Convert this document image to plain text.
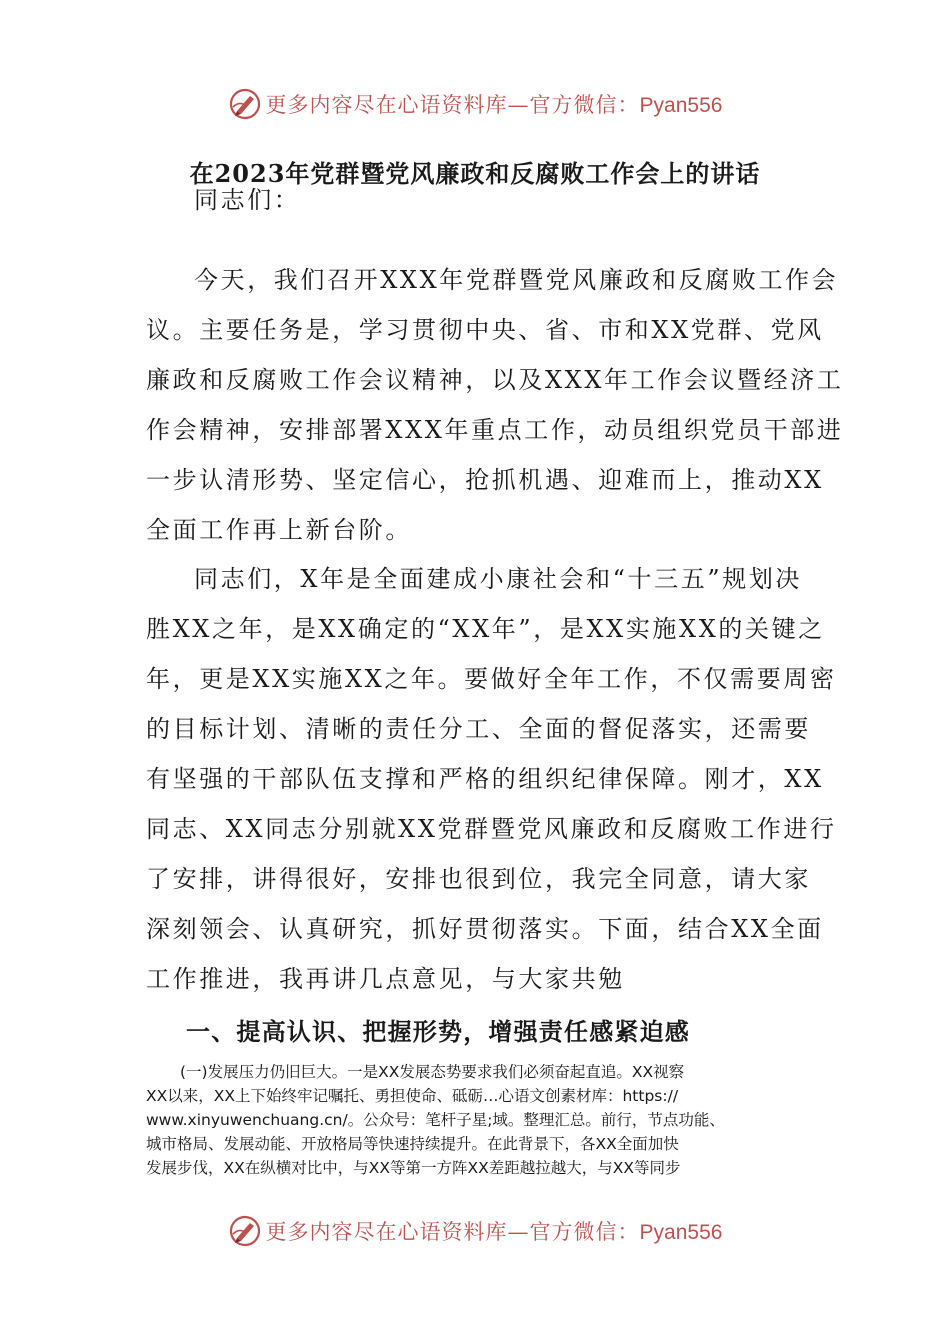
更多内容尽在心语资料库—官方微信：Pyan556
在2023年党群暨党风廉政和反腐败工作会上的讲话

同志们：

今天，我们召开XXX年党群暨党风廉政和反腐败工作会
议。主要任务是，学习贯彻中央、省、市和XX党群、党风
廉政和反腐败工作会议精神，以及XXX年工作会议暨经济工
作会精神，安排部署XXX年重点工作，动员组织党员干部进
一步认清形势、坚定信心，抢抓机遇、迎难而上，推动XX
全面工作再上新台阶。
同志们，X年是全面建成小康社会和“十三五”规划决
胜XX之年，是XX确定的“XX年”，是XX实施XX的关键之
年，更是XX实施XX之年。要做好全年工作，不仅需要周密
的目标计划、清晰的责任分工、全面的督促落实，还需要
有坚强的干部队伍支撑和严格的组织纪律保障。刚才，XX
同志、XX同志分别就XX党群暨党风廉政和反腐败工作进行
了安排，讲得很好，安排也很到位，我完全同意，请大家
深刻领会、认真研究，抓好贯彻落实。下面，结合XX全面
工作推进，我再讲几点意见，与大家共勉
一、提高认识、把握形势，增强责任感紧迫感
(一)发展压力仍旧巨大。一是XX发展态势要求我们必须奋起直追。XX视察
XX以来，XX上下始终牢记嘱托、勇担使命、砥砺…心语文创素材库：https://
www.xinyuwenchuang.cn/。公众号：笔杆子星;域。整理汇总。前行，节点功能、
城市格局、发展动能、开放格局等快速持续提升。在此背景下，各XX全面加快
发展步伐，XX在纵横对比中，与XX等第一方阵XX差距越拉越大，与XX等同步
更多内容尽在心语资料库—官方微信：Pyan556
